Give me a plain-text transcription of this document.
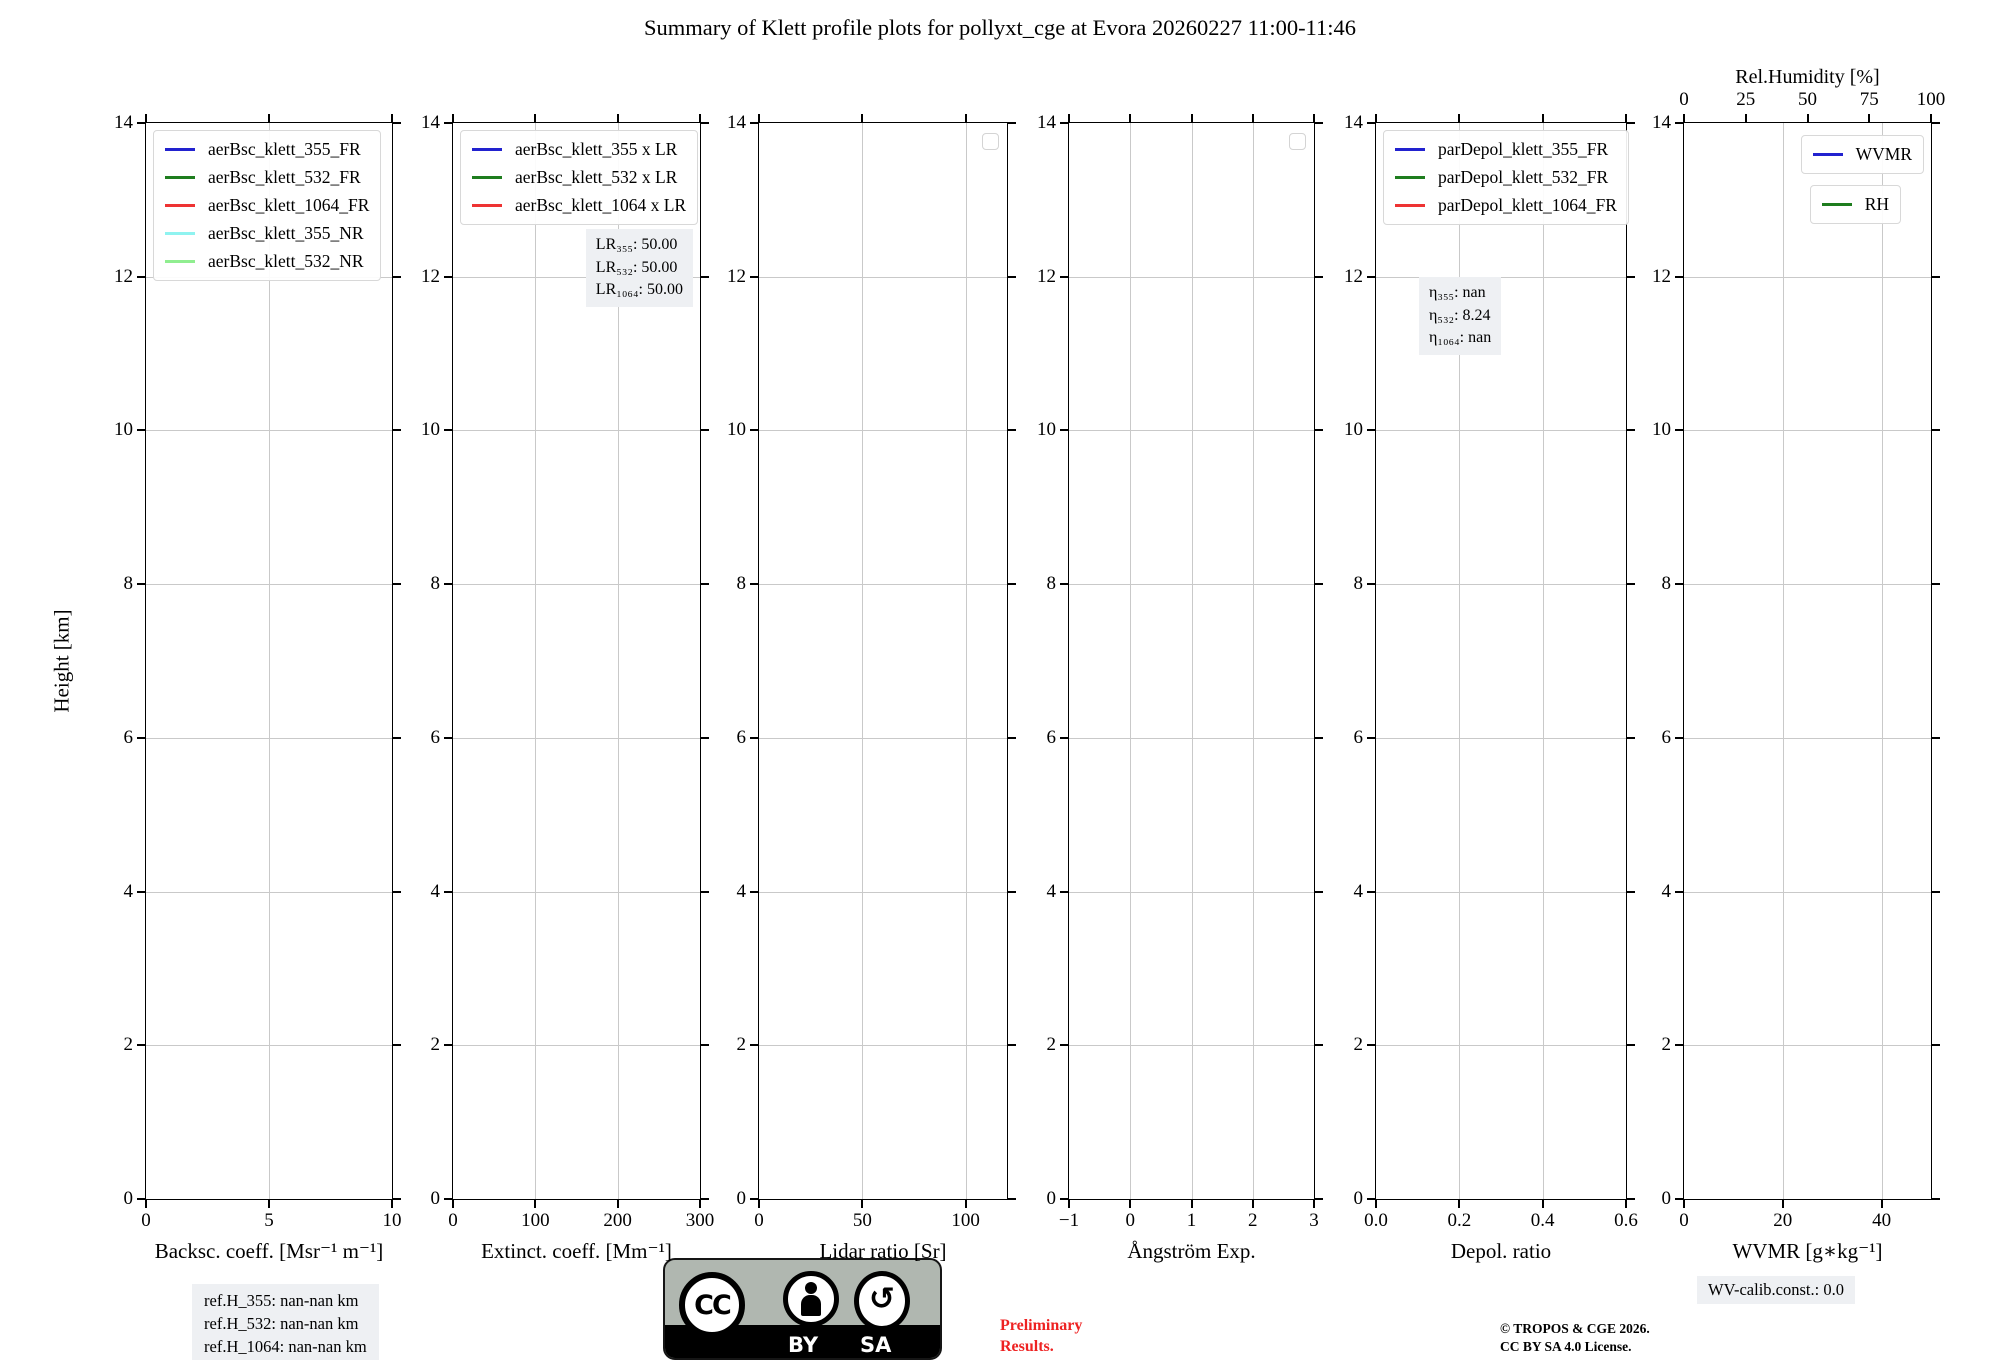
Summary of Klett profile plots for pollyxt_cge at Evora 20260227 11:00-11:46
Height [km]
ref.H_355: nan-nan km
ref.H_532: nan-nan km
ref.H_1064: nan-nan km
CC	↺
BY SA
Preliminary
Results.
© TROPOS & CGE 2026.
CC BY SA 4.0 License.
WV-calib.const.: 0.0
0
2
4
6
8
10
12
14
0	5	10
Backsc. coeff. [Msr⁻¹ m⁻¹]
aerBsc_klett_355_FR
aerBsc_klett_532_FR
aerBsc_klett_1064_FR
aerBsc_klett_355_NR
aerBsc_klett_532_NR
0
2
4
6
8
10
12
14
0	100	200	300
Extinct. coeff. [Mm⁻¹]
aerBsc_klett_355 x LR
aerBsc_klett_532 x LR
aerBsc_klett_1064 x LR
LR₃₅₅: 50.00
LR₅₃₂: 50.00
LR₁₀₆₄: 50.00
0
2
4
6
8
10
12
14
0	50	100
Lidar ratio [Sr]
0
2
4
6
8
10
12
14
−1 0	1	2	3
Ångström Exp.
0
2
4
6
8
10
12
14
0.0	0.2	0.4	0.6
Depol. ratio
parDepol_klett_355_FR
parDepol_klett_532_FR
parDepol_klett_1064_FR
η₃₅₅: nan
η₅₃₂: 8.24
η₁₀₆₄: nan
0
2
4
6
8
10
12
14
0	20	40
WVMR [g∗kg⁻¹]
Rel.Humidity [%]
0	25 50 75 100
WVMR
RH
